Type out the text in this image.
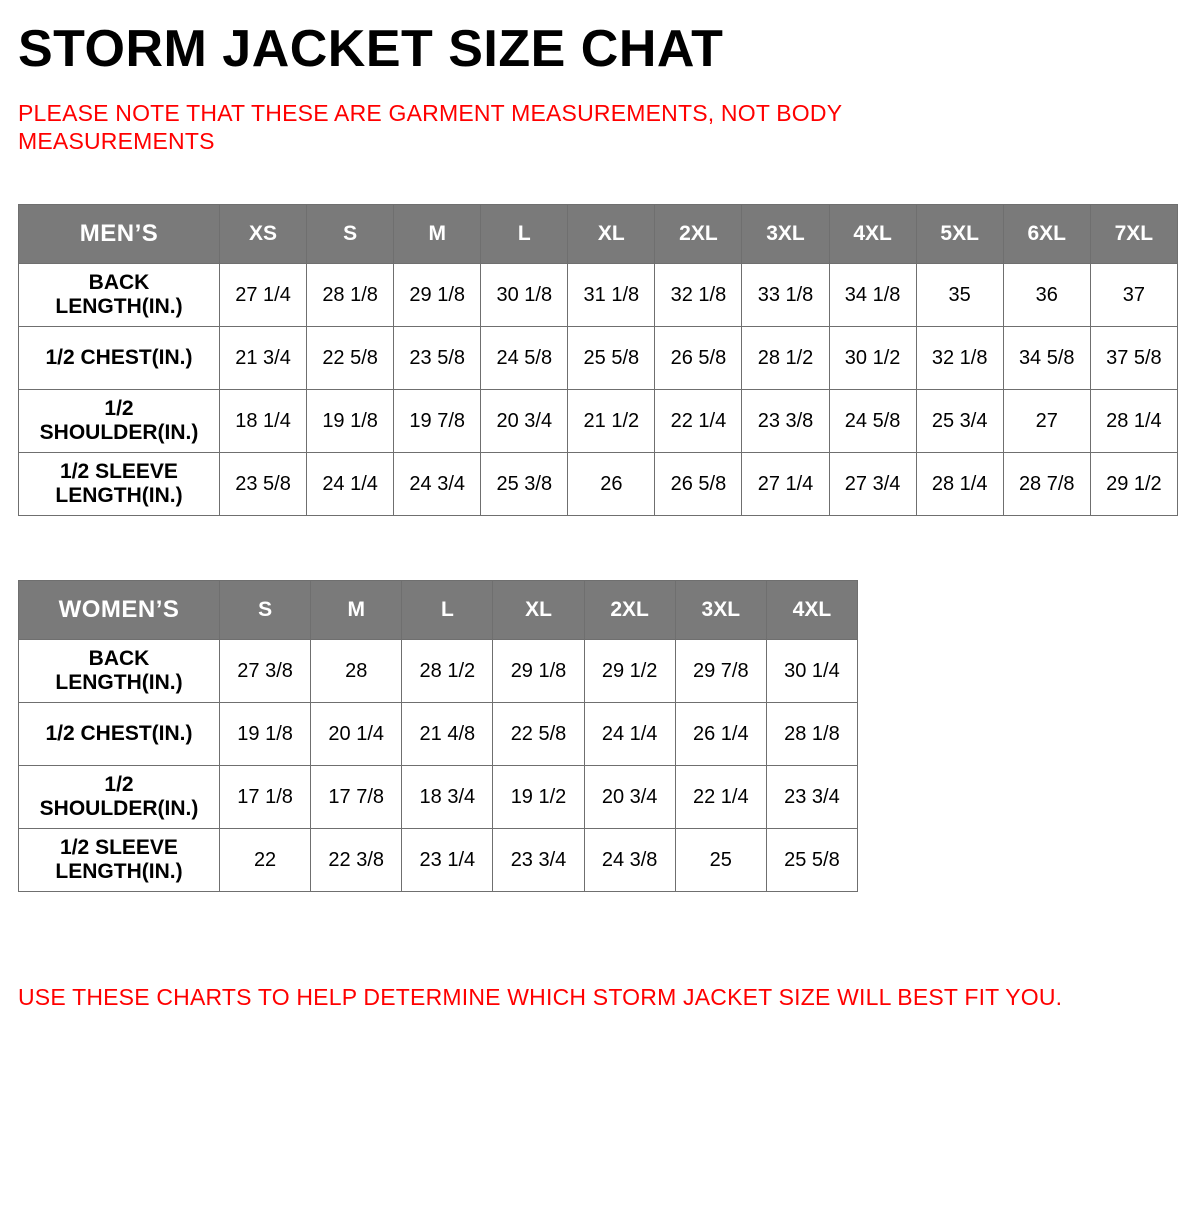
STORM JACKET SIZE CHAT

PLEASE NOTE THAT THESE ARE GARMENT MEASUREMENTS, NOT BODY MEASUREMENTS

MEN’S	XS	S	M	L	XL	2XL	3XL	4XL	5XL	6XL	7XL
BACK LENGTH(IN.)	27 1/4	28 1/8	29 1/8	30 1/8	31 1/8	32 1/8	33 1/8	34 1/8	35	36	37
1/2 CHEST(IN.)	21 3/4	22 5/8	23 5/8	24 5/8	25 5/8	26 5/8	28 1/2	30 1/2	32 1/8	34 5/8	37 5/8
1/2 SHOULDER(IN.)	18 1/4	19 1/8	19 7/8	20 3/4	21 1/2	22 1/4	23 3/8	24 5/8	25 3/4	27	28 1/4
1/2 SLEEVE LENGTH(IN.)	23 5/8	24 1/4	24 3/4	25 3/8	26	26 5/8	27 1/4	27 3/4	28 1/4	28 7/8	29 1/2
WOMEN’S	S	M	L	XL	2XL	3XL	4XL
BACK LENGTH(IN.)	27 3/8	28	28 1/2	29 1/8	29 1/2	29 7/8	30 1/4
1/2 CHEST(IN.)	19 1/8	20 1/4	21 4/8	22 5/8	24 1/4	26 1/4	28 1/8
1/2 SHOULDER(IN.)	17 1/8	17 7/8	18 3/4	19 1/2	20 3/4	22 1/4	23 3/4
1/2 SLEEVE LENGTH(IN.)	22	22 3/8	23 1/4	23 3/4	24 3/8	25	25 5/8

USE THESE CHARTS TO HELP DETERMINE WHICH STORM JACKET SIZE WILL BEST FIT YOU.
